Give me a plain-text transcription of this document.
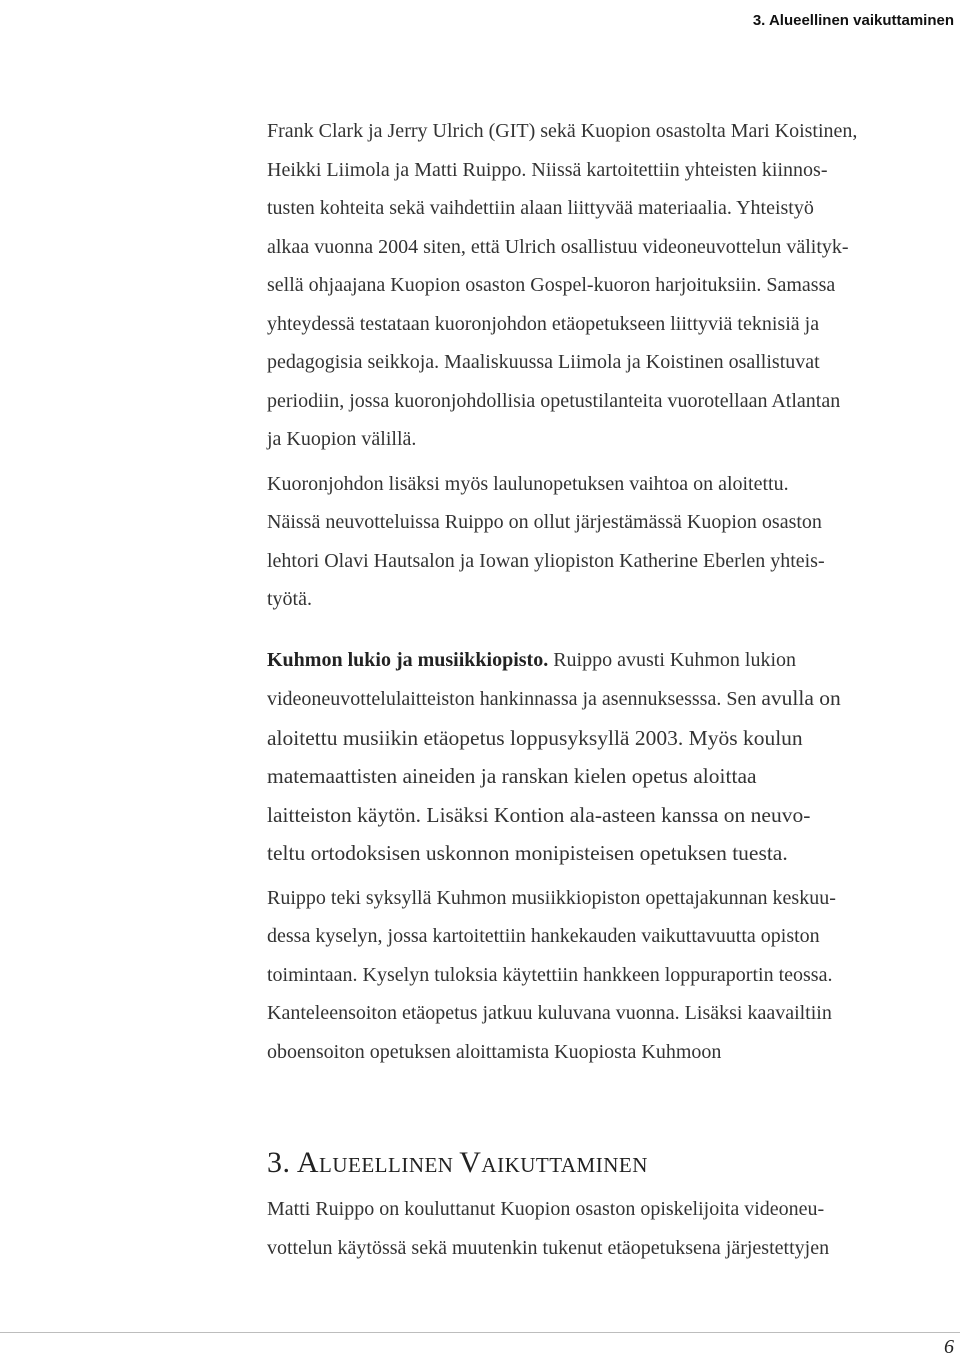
3. Alueellinen vaikuttaminen

Frank Clark ja Jerry Ulrich (GIT) sekä Kuopion osastolta Mari Koistinen,
Heikki Liimola ja Matti Ruippo. Niissä kartoitettiin yhteisten kiinnos-
tusten kohteita sekä vaihdettiin alaan liittyvää materiaalia. Yhteistyö
alkaa vuonna 2004 siten, että Ulrich osallistuu videoneuvottelun välityk-
sellä ohjaajana Kuopion osaston Gospel-kuoron harjoituksiin. Samassa
yhteydessä testataan kuoronjohdon etäopetukseen liittyviä teknisiä ja
pedagogisia seikkoja. Maaliskuussa Liimola ja Koistinen osallistuvat
periodiin, jossa kuoronjohdollisia opetustilanteita vuorotellaan Atlantan
ja Kuopion välillä.

Kuoronjohdon lisäksi myös laulunopetuksen vaihtoa on aloitettu.
Näissä neuvotteluissa Ruippo on ollut järjestämässä Kuopion osaston
lehtori Olavi Hautsalon ja Iowan yliopiston Katherine Eberlen yhteis-
työtä.

Kuhmon lukio ja musiikkiopisto. Ruippo avusti Kuhmon lukion
videoneuvottelulaitteiston hankinnassa ja asennuksesssa. Sen avulla on
aloitettu musiikin etäopetus loppusyksyllä 2003. Myös koulun
matemaattisten aineiden ja ranskan kielen opetus aloittaa
laitteiston käytön. Lisäksi Kontion ala-asteen kanssa on neuvo-
teltu ortodoksisen uskonnon monipisteisen opetuksen tuesta.

Ruippo teki syksyllä Kuhmon musiikkiopiston opettajakunnan keskuu-
dessa kyselyn, jossa kartoitettiin hankekauden vaikuttavuutta opiston
toimintaan. Kyselyn tuloksia käytettiin hankkeen loppuraportin teossa.
Kanteleensoiton etäopetus jatkuu kuluvana vuonna. Lisäksi kaavailtiin
oboensoiton opetuksen aloittamista Kuopiosta Kuhmoon

3. ALUEELLINEN VAIKUTTAMINEN

Matti Ruippo on kouluttanut Kuopion osaston opiskelijoita videoneu-
vottelun käytössä sekä muutenkin tukenut etäopetuksena järjestettyjen

6
